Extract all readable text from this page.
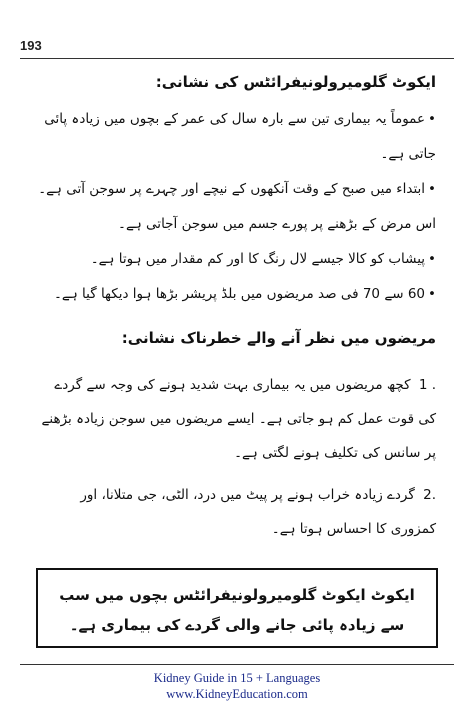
193
ایکوٹ گلومیرولونیفرائٹس کی نشانی:
•عموماً یہ بیماری تین سے بارہ سال کی عمر کے بچوں میں زیادہ پائی جاتی ہے۔
•ابتداء میں صبح کے وقت آنکھوں کے نیچے اور چہرے پر سوجن آتی ہے۔اس مرض کے بڑھنے پر پورے جسم میں سوجن آجاتی ہے۔
•پیشاب کو کالا جیسے لال رنگ کا اور کم مقدار میں ہوتا ہے۔
•60 سے 70 فی صد مریضوں میں بلڈ پریشر بڑھا ہوا دیکھا گیا ہے۔
مریضوں میں نظر آنے والے خطرناک نشانی:
1 . کچھ مریضوں میں یہ بیماری بہت شدید ہونے کی وجہ سے گردے کی قوت عمل کم ہو جاتی ہے۔ ایسے مریضوں میں سوجن زیادہ بڑھنے پر سانس کی تکلیف ہونے لگتی ہے۔
2. گردے زیادہ خراب ہونے پر پیٹ میں درد، الٹی، جی متلانا، اور کمزوری کا احساس ہوتا ہے۔
ایکوٹ ایکوٹ گلومیرولونیفرائٹس بچوں میں سب سے زیادہ پائی جانے والی گردے کی بیماری ہے۔
Kidney Guide in 15 + Languages
www.KidneyEducation.com
